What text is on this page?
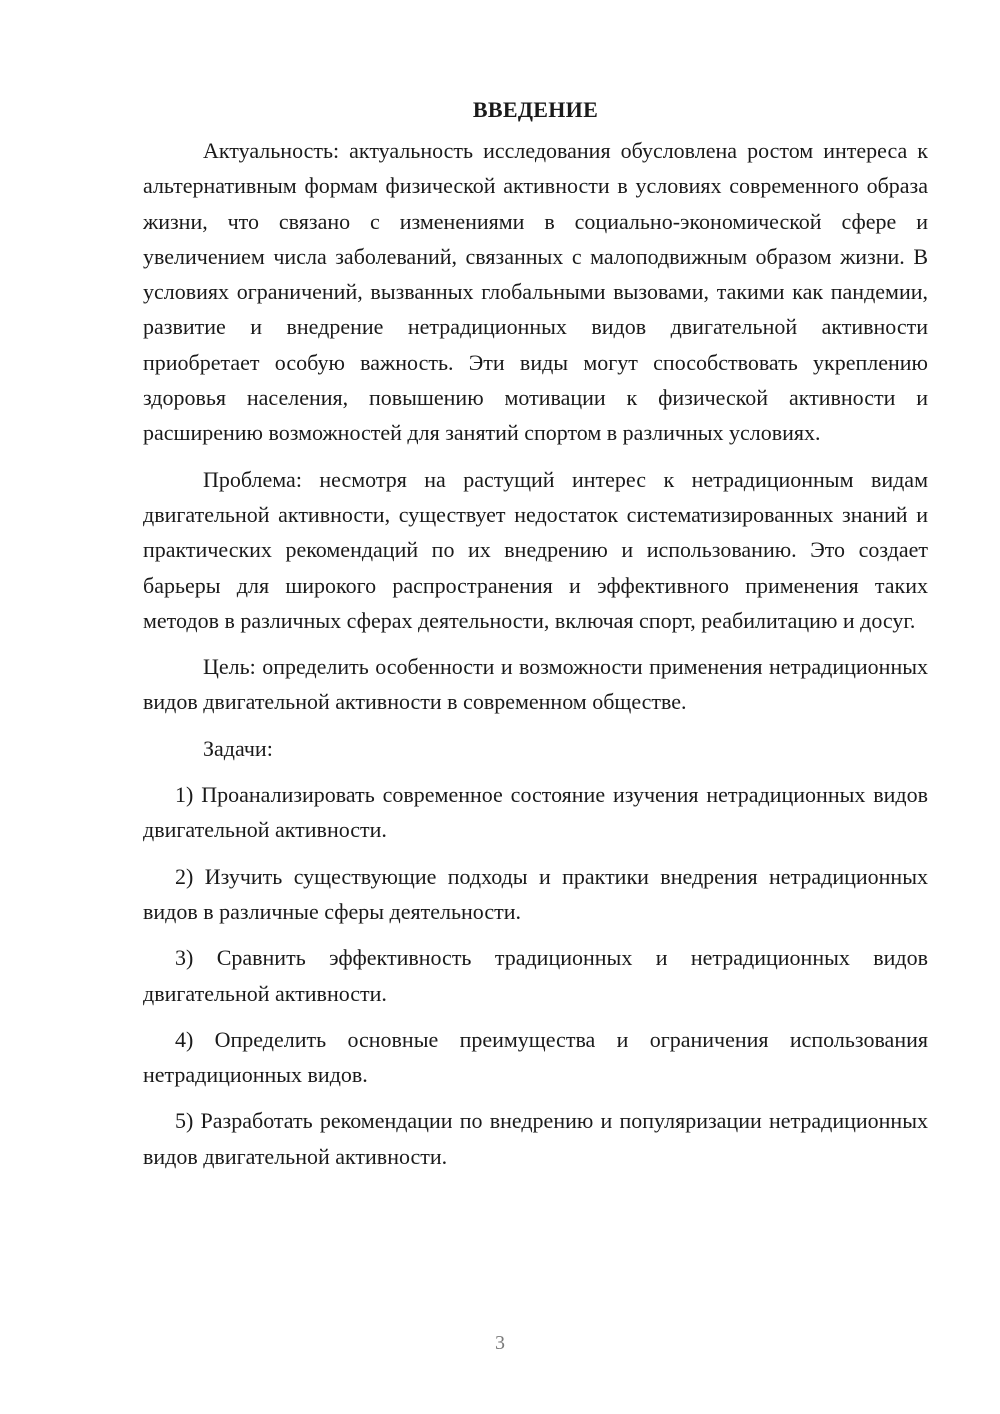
ВВЕДЕНИЕ

Актуальность: актуальность исследования обусловлена ростом интереса к альтернативным формам физической активности в условиях современного образа жизни, что связано с изменениями в социально-экономической сфере и увеличением числа заболеваний, связанных с малоподвижным образом жизни. В условиях ограничений, вызванных глобальными вызовами, такими как пандемии, развитие и внедрение нетрадиционных видов двигательной активности приобретает особую важность. Эти виды могут способствовать укреплению здоровья населения, повышению мотивации к физической активности и расширению возможностей для занятий спортом в различных условиях.

Проблема: несмотря на растущий интерес к нетрадиционным видам двигательной активности, существует недостаток систематизированных знаний и практических рекомендаций по их внедрению и использованию. Это создает барьеры для широкого распространения и эффективного применения таких методов в различных сферах деятельности, включая спорт, реабилитацию и досуг.

Цель: определить особенности и возможности применения нетрадиционных видов двигательной активности в современном обществе.

Задачи:

1) Проанализировать современное состояние изучения нетрадиционных видов двигательной активности.

2) Изучить существующие подходы и практики внедрения нетрадиционных видов в различные сферы деятельности.

3) Сравнить эффективность традиционных и нетрадиционных видов двигательной активности.

4) Определить основные преимущества и ограничения использования нетрадиционных видов.

5) Разработать рекомендации по внедрению и популяризации нетрадиционных видов двигательной активности.

3
